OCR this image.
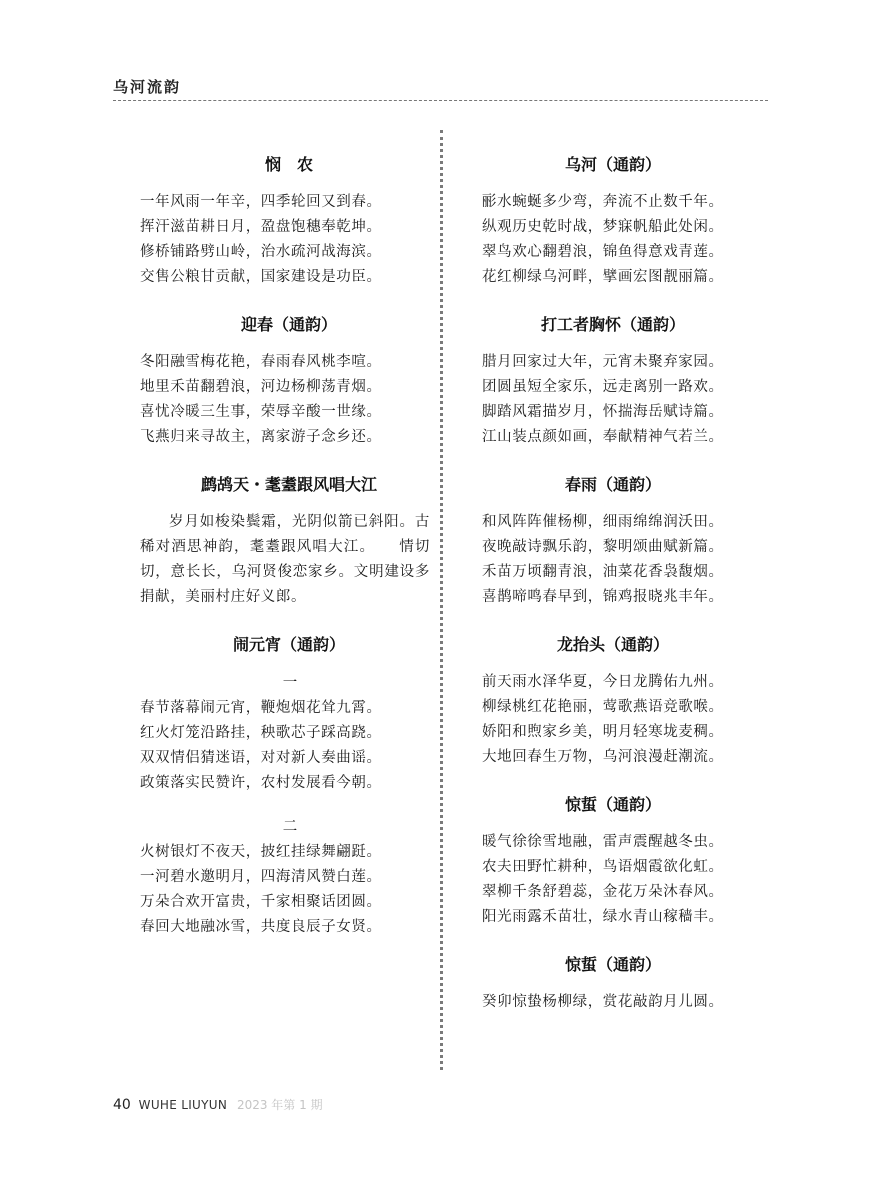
乌河流韵
悯　农
一年风雨一年辛，四季轮回又到春。
挥汗滋苗耕日月，盈盘饱穗奉乾坤。
修桥铺路劈山岭，治水疏河战海滨。
交售公粮甘贡献，国家建设是功臣。
迎春（通韵）
冬阳融雪梅花艳，春雨春风桃李喧。
地里禾苗翻碧浪，河边杨柳荡青烟。
喜忧冷暖三生事，荣辱辛酸一世缘。
飞燕归来寻故主，离家游子念乡还。
鹧鸪天・耄耋跟风唱大江

岁月如梭染鬓霜，光阴似箭已斜阳。古稀对酒思神韵，耄耋跟风唱大江。　　情切切，意长长，乌河贤俊恋家乡。文明建设多捐献，美丽村庄好义郎。

闹元宵（通韵）
一
春节落幕闹元宵，鞭炮烟花耸九霄。
红火灯笼沿路挂，秧歌芯子踩高跷。
双双情侣猜迷语，对对新人奏曲谣。
政策落实民赞许，农村发展看今朝。
二
火树银灯不夜天，披红挂绿舞翩跹。
一河碧水邀明月，四海清风赞白莲。
万朵合欢开富贵，千家相聚话团圆。
春回大地融冰雪，共度良辰子女贤。
乌河（通韵）
彨水蜿蜒多少弯，奔流不止数千年。
纵观历史乾时战，梦寐帆船此处闲。
翠鸟欢心翻碧浪，锦鱼得意戏青莲。
花红柳绿乌河畔，擘画宏图靓丽篇。
打工者胸怀（通韵）
腊月回家过大年，元宵未聚弃家园。
团圆虽短全家乐，远走离别一路欢。
脚踏风霜描岁月，怀揣海岳赋诗篇。
江山装点颜如画，奉献精神气若兰。
春雨（通韵）
和风阵阵催杨柳，细雨绵绵润沃田。
夜晚敲诗飘乐韵，黎明颂曲赋新篇。
禾苗万顷翻青浪，油菜花香袅馥烟。
喜鹊啼鸣春早到，锦鸡报晓兆丰年。
龙抬头（通韵）
前天雨水泽华夏，今日龙腾佑九州。
柳绿桃红花艳丽，莺歌燕语竞歌喉。
娇阳和煦家乡美，明月轻寒垅麦稠。
大地回春生万物，乌河浪漫赶潮流。
惊蜇（通韵）
暖气徐徐雪地融，雷声震醒越冬虫。
农夫田野忙耕种，鸟语烟霞欲化虹。
翠柳千条舒碧蕊，金花万朵沐春风。
阳光雨露禾苗壮，绿水青山稼穑丰。
惊蜇（通韵）
癸卯惊蛰杨柳绿，赏花敲韵月儿圆。
40 WUHE LIUYUN 2023 年第 1 期
